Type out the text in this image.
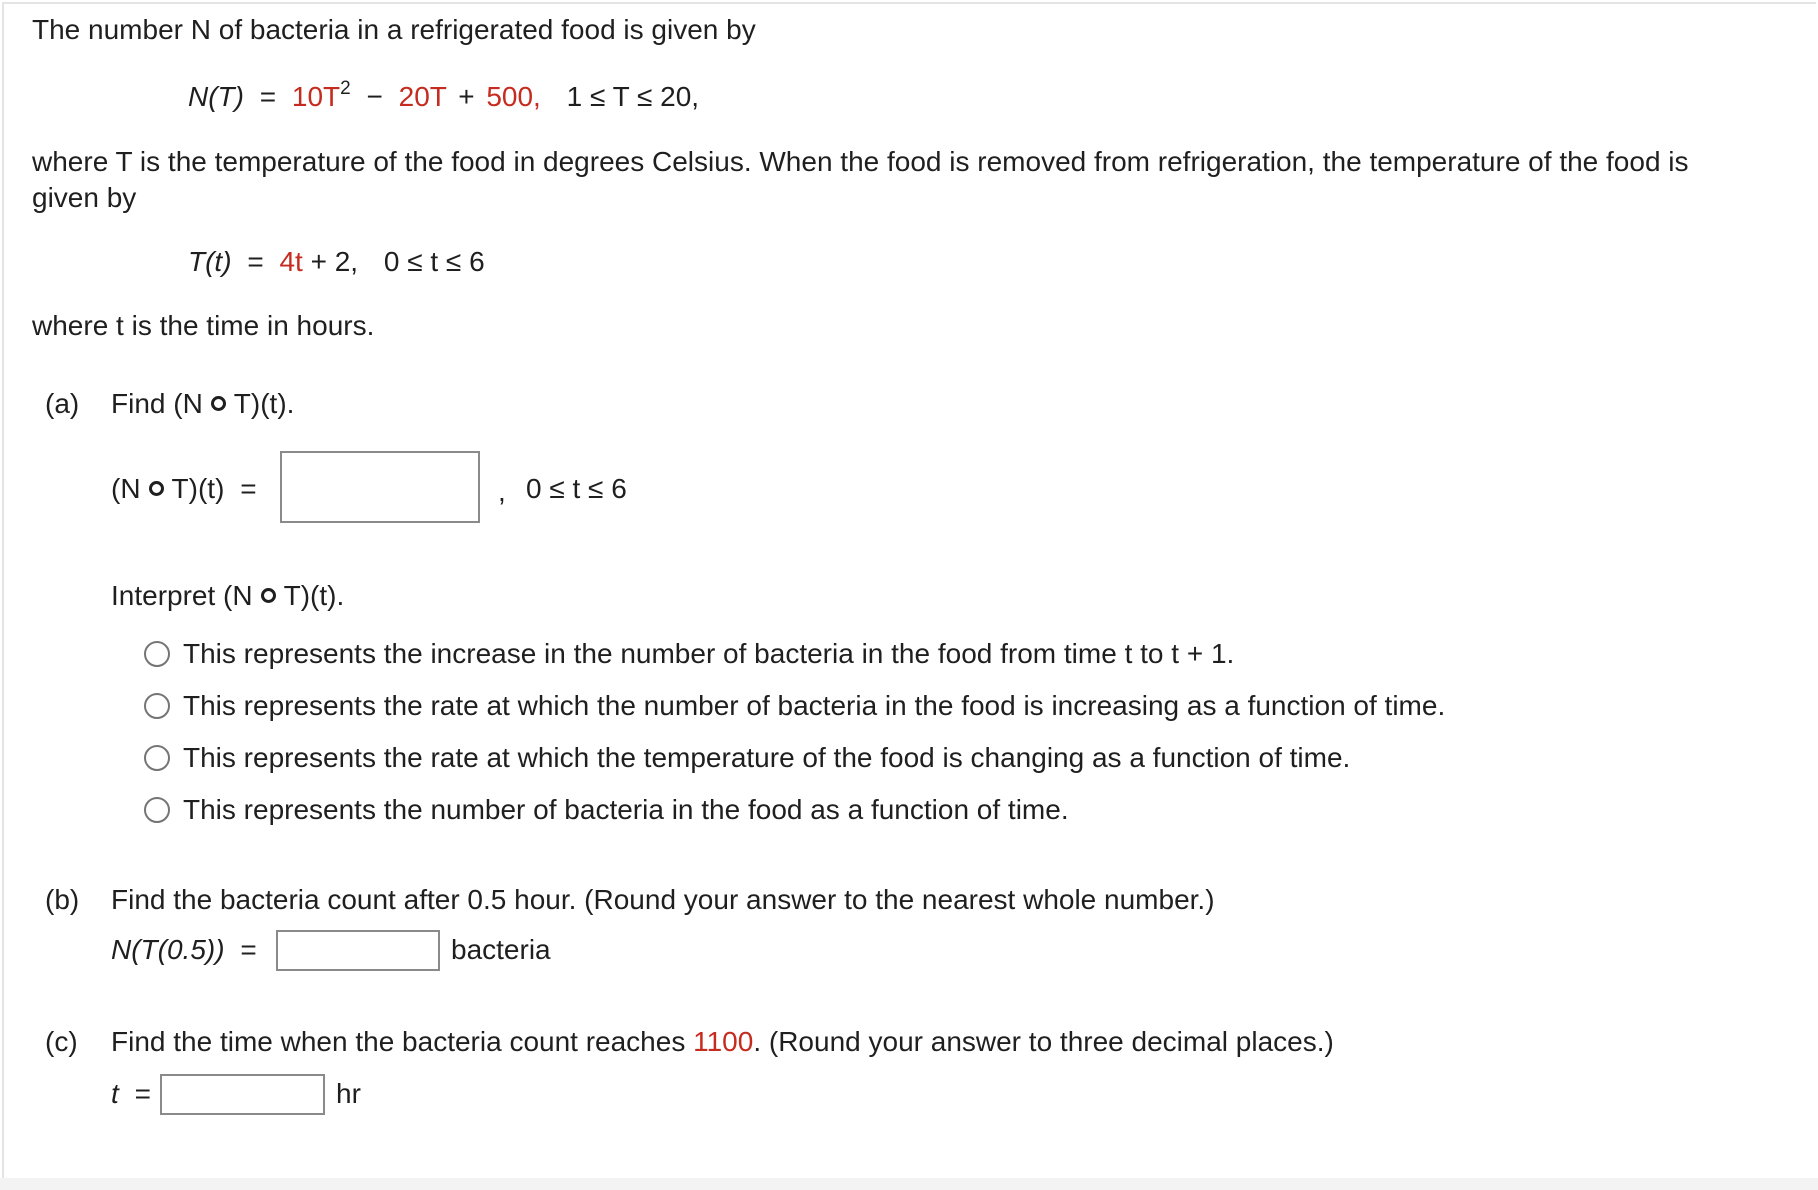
The number N of bacteria in a refrigerated food is given by
$N(T) = 10T^2 - 20T + 500$, 1 ≤ T ≤ 20,
where T is the temperature of the food in degrees Celsius. When the food is removed from refrigeration, the temperature of the food is
given by
T(t) = 4t + 2, 0 ≤ t ≤ 6
where t is the time in hours.
(a) Find (N T)(t).
(N T)(t) =	, 0 ≤ t ≤ 6
Interpret (N T)(t).
This represents the increase in the number of bacteria in the food from time t to t + 1.
This represents the rate at which the number of bacteria in the food is increasing as a function of time.
This represents the rate at which the temperature of the food is changing as a function of time.
This represents the number of bacteria in the food as a function of time.
(b) Find the bacteria count after 0.5 hour. (Round your answer to the nearest whole number.)
N(T(0.5)) =	bacteria
(c) Find the time when the bacteria count reaches 1100. (Round your answer to three decimal places.)
t =	hr
